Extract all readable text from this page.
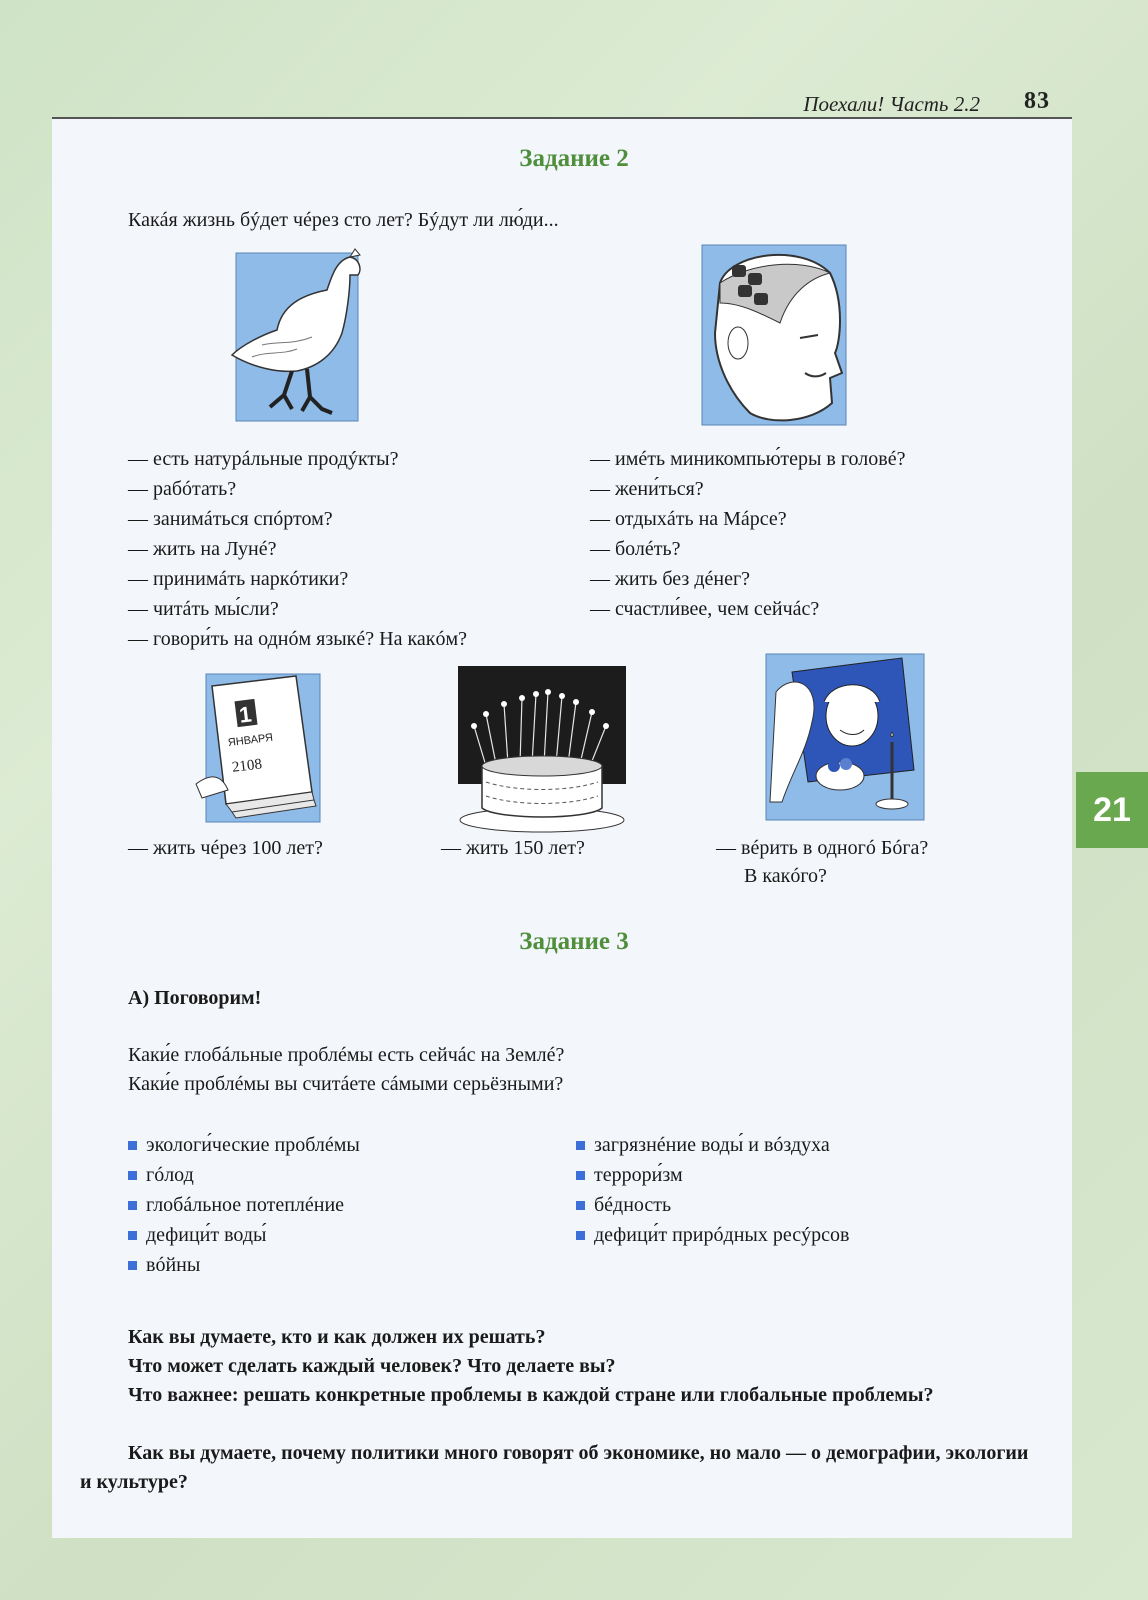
Поехали! Часть 2.2 83
21
Задание 2
Какáя жизнь бýдет чéрез сто лет? Бýдут ли лю́ди...
— есть натурáльные продýкты?
— рабóтать?
— занимáться спóртом?
— жить на Лунé?
— принимáть наркóтики?
— читáть мы́сли?
— говори́ть на однóм языкé? На какóм?
— имéть миникомпью́теры в головé?
— жени́ться?
— отдыхáть на Мáрсе?
— болéть?
— жить без дéнег?
— счастли́вее, чем сейчáс?
1
ЯНВАРЯ
2108
— жить чéрез 100 лет?	— жить 150 лет?	— вéрить в одногó Бóга?
В какóго?
Задание 3
А) Поговорим!
Каки́е глобáльные проблéмы есть сейчáс на Землé?
Каки́е проблéмы вы считáете сáмыми серьёзными?
экологи́ческие проблéмы
гóлод
глобáльное потеплéние
дефици́т воды́
вóйны
загрязнéние воды́ и вóздуха
террори́зм
бéдность
дефици́т прирóдных ресýрсов
Как вы думаете, кто и как должен их решать?
Что может сделать каждый человек? Что делаете вы?
Что важнее: решать конкретные проблемы в каждой стране или глобальные проблемы?
Как вы думаете, почему политики много говорят об экономике, но мало — о демографии, экологии и культуре?
